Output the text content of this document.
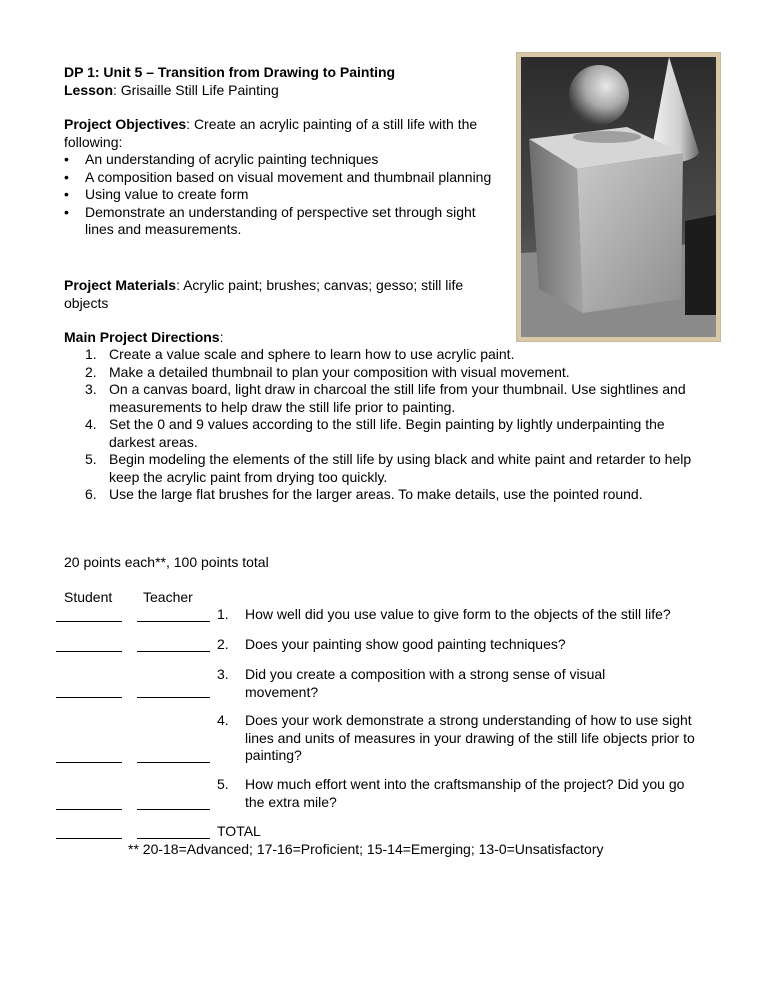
DP 1: Unit 5 – Transition from Drawing to Painting
Lesson: Grisaille Still Life Painting
Project Objectives: Create an acrylic painting of a still life with the following:
• An understanding of acrylic painting techniques
• A composition based on visual movement and thumbnail planning
• Using value to create form
• Demonstrate an understanding of perspective set through sight lines and measurements.
Project Materials: Acrylic paint; brushes; canvas; gesso; still life objects
Main Project Directions:
1. Create a value scale and sphere to learn how to use acrylic paint.
2. Make a detailed thumbnail to plan your composition with visual movement.
3. On a canvas board, light draw in charcoal the still life from your thumbnail. Use sightlines and measurements to help draw the still life prior to painting.
4. Set the 0 and 9 values according to the still life. Begin painting by lightly underpainting the darkest areas.
5. Begin modeling the elements of the still life by using black and white paint and retarder to help keep the acrylic paint from drying too quickly.
6. Use the large flat brushes for the larger areas. To make details, use the pointed round.
20 points each**, 100 points total
Student Teacher
1. How well did you use value to give form to the objects of the still life?
2. Does your painting show good painting techniques?
3. Did you create a composition with a strong sense of visual movement?
4. Does your work demonstrate a strong understanding of how to use sight lines and units of measures in your drawing of the still life objects prior to painting?
5. How much effort went into the craftsmanship of the project? Did you go the extra mile?
TOTAL
** 20-18=Advanced; 17-16=Proficient; 15-14=Emerging; 13-0=Unsatisfactory
